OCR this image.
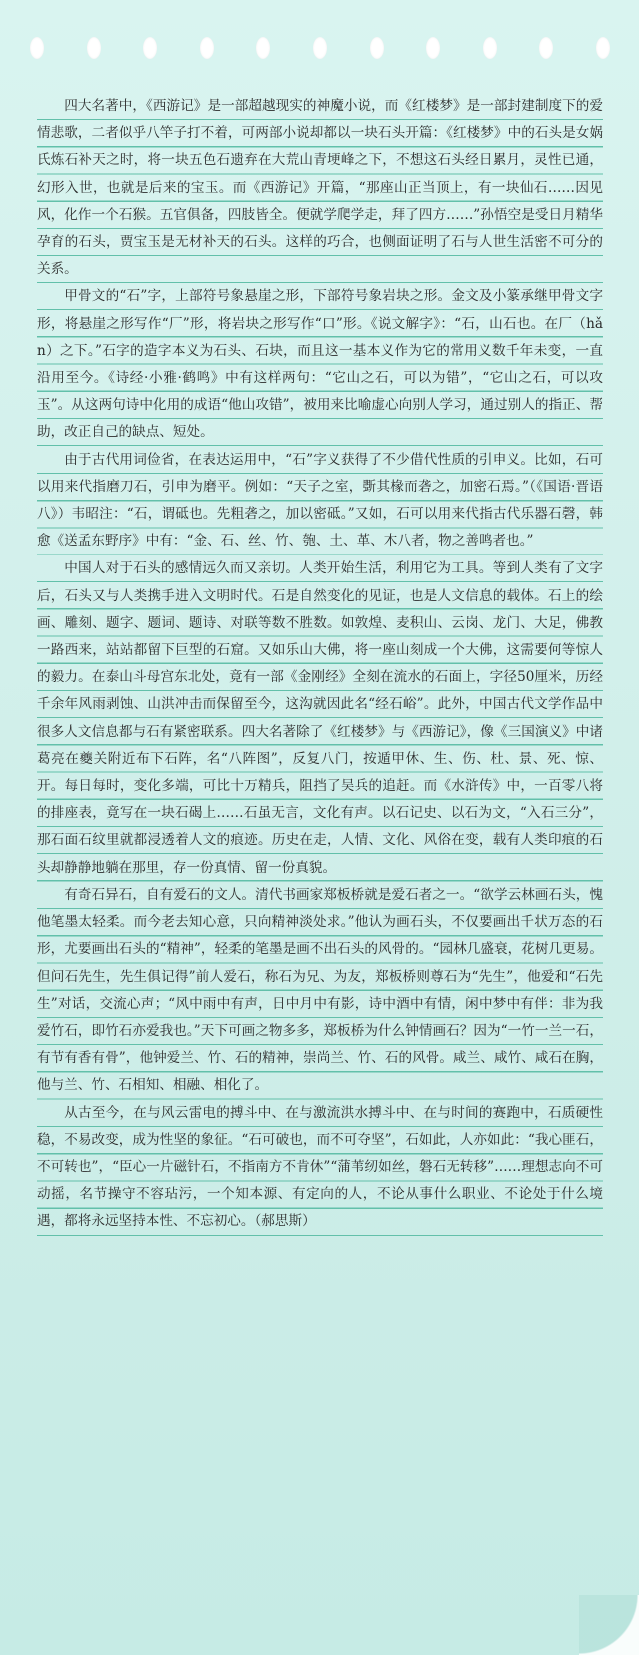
四大名著中，《西游记》是一部超越现实的神魔小说，而《红楼梦》是一部封建制度下的爱情悲歌，二者似乎八竿子打不着，可两部小说却都以一块石头开篇：《红楼梦》中的石头是女娲氏炼石补天之时，将一块五色石遗弃在大荒山青埂峰之下，不想这石头经日累月，灵性已通，幻形入世，也就是后来的宝玉。而《西游记》开篇，“那座山正当顶上，有一块仙石……因见风，化作一个石猴。五官俱备，四肢皆全。便就学爬学走，拜了四方……”孙悟空是受日月精华孕育的石头，贾宝玉是无材补天的石头。这样的巧合，也侧面证明了石与人世生活密不可分的关系。

甲骨文的“石”字，上部符号象悬崖之形，下部符号象岩块之形。金文及小篆承继甲骨文字形，将悬崖之形写作“厂”形，将岩块之形写作“口”形。《说文解字》：“石，山石也。在厂（hǎn）之下。”石字的造字本义为石头、石块，而且这一基本义作为它的常用义数千年未变，一直沿用至今。《诗经·小雅·鹤鸣》中有这样两句：“它山之石，可以为错”，“它山之石，可以攻玉”。从这两句诗中化用的成语“他山攻错”，被用来比喻虚心向别人学习，通过别人的指正、帮助，改正自己的缺点、短处。

由于古代用词俭省，在表达运用中，“石”字义获得了不少借代性质的引申义。比如，石可以用来代指磨刀石，引申为磨平。例如：“天子之室，斲其椽而砻之，加密石焉。”（《国语·晋语八》）韦昭注：“石，谓砥也。先粗砻之，加以密砥。”又如，石可以用来代指古代乐器石磬，韩愈《送孟东野序》中有：“金、石、丝、竹、匏、土、革、木八者，物之善鸣者也。”

中国人对于石头的感情远久而又亲切。人类开始生活，利用它为工具。等到人类有了文字后，石头又与人类携手进入文明时代。石是自然变化的见证，也是人文信息的载体。石上的绘画、雕刻、题字、题词、题诗、对联等数不胜数。如敦煌、麦积山、云岗、龙门、大足，佛教一路西来，站站都留下巨型的石窟。又如乐山大佛，将一座山刻成一个大佛，这需要何等惊人的毅力。在泰山斗母宫东北处，竟有一部《金刚经》全刻在流水的石面上，字径50厘米，历经千余年风雨剥蚀、山洪冲击而保留至今，这沟就因此名“经石峪”。此外，中国古代文学作品中很多人文信息都与石有紧密联系。四大名著除了《红楼梦》与《西游记》，像《三国演义》中诸葛亮在夔关附近布下石阵，名“八阵图”，反复八门，按遁甲休、生、伤、杜、景、死、惊、开。每日每时，变化多端，可比十万精兵，阻挡了吴兵的追赶。而《水浒传》中，一百零八将的排座表，竟写在一块石碣上……石虽无言，文化有声。以石记史、以石为文，“入石三分”，那石面石纹里就都浸透着人文的痕迹。历史在走，人情、文化、风俗在变，载有人类印痕的石头却静静地躺在那里，存一份真情、留一份真貌。

有奇石异石，自有爱石的文人。清代书画家郑板桥就是爱石者之一。“欲学云林画石头，愧他笔墨太轻柔。而今老去知心意，只向精神淡处求。”他认为画石头，不仅要画出千状万态的石形，尤要画出石头的“精神”，轻柔的笔墨是画不出石头的风骨的。“园林几盛衰，花树几更易。但问石先生，先生俱记得”前人爱石，称石为兄、为友，郑板桥则尊石为“先生”，他爱和“石先生”对话，交流心声；“风中雨中有声，日中月中有影，诗中酒中有情，闲中梦中有伴：非为我爱竹石，即竹石亦爱我也。”天下可画之物多多，郑板桥为什么钟情画石？因为“一竹一兰一石，有节有香有骨”，他钟爱兰、竹、石的精神，崇尚兰、竹、石的风骨。咸兰、咸竹、咸石在胸，他与兰、竹、石相知、相融、相化了。

从古至今，在与风云雷电的搏斗中、在与激流洪水搏斗中、在与时间的赛跑中，石质硬性稳，不易改变，成为性坚的象征。“石可破也，而不可夺坚”，石如此，人亦如此：“我心匪石，不可转也”，“臣心一片磁针石，不指南方不肯休”“蒲苇纫如丝，磐石无转移”……理想志向不可动摇，名节操守不容玷污，一个知本源、有定向的人，不论从事什么职业、不论处于什么境遇，都将永远坚持本性、不忘初心。（郝思斯）
